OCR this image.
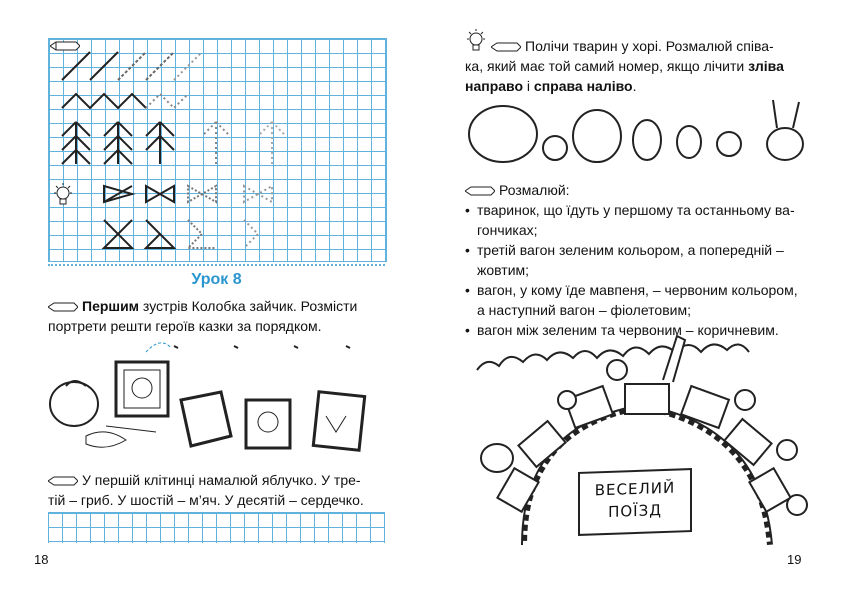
Урок 8
Першим зустрів Колобка зайчик. Розмісти
портрети решти героїв казки за порядком.
У першій клітинці намалюй яблучко. У тре-
тій – гриб. У шостій – м’яч. У десятій – сердечко.
18
Полічи тварин у хорі. Розмалюй співа-
ка, який має той самий номер, якщо лічити зліва
направо і справа наліво.
Розмалюй:
• тваринок, що їдуть у першому та останньому ва-
гончиках;
• третій вагон зеленим кольором, а попередній –
жовтим;
• вагон, у кому їде мавпеня, – червоним кольором,
а наступний вагон – фіолетовим;
• вагон між зеленим та червоним – коричневим.
ВЕСЕЛИЙ
ПОЇЗД
19
